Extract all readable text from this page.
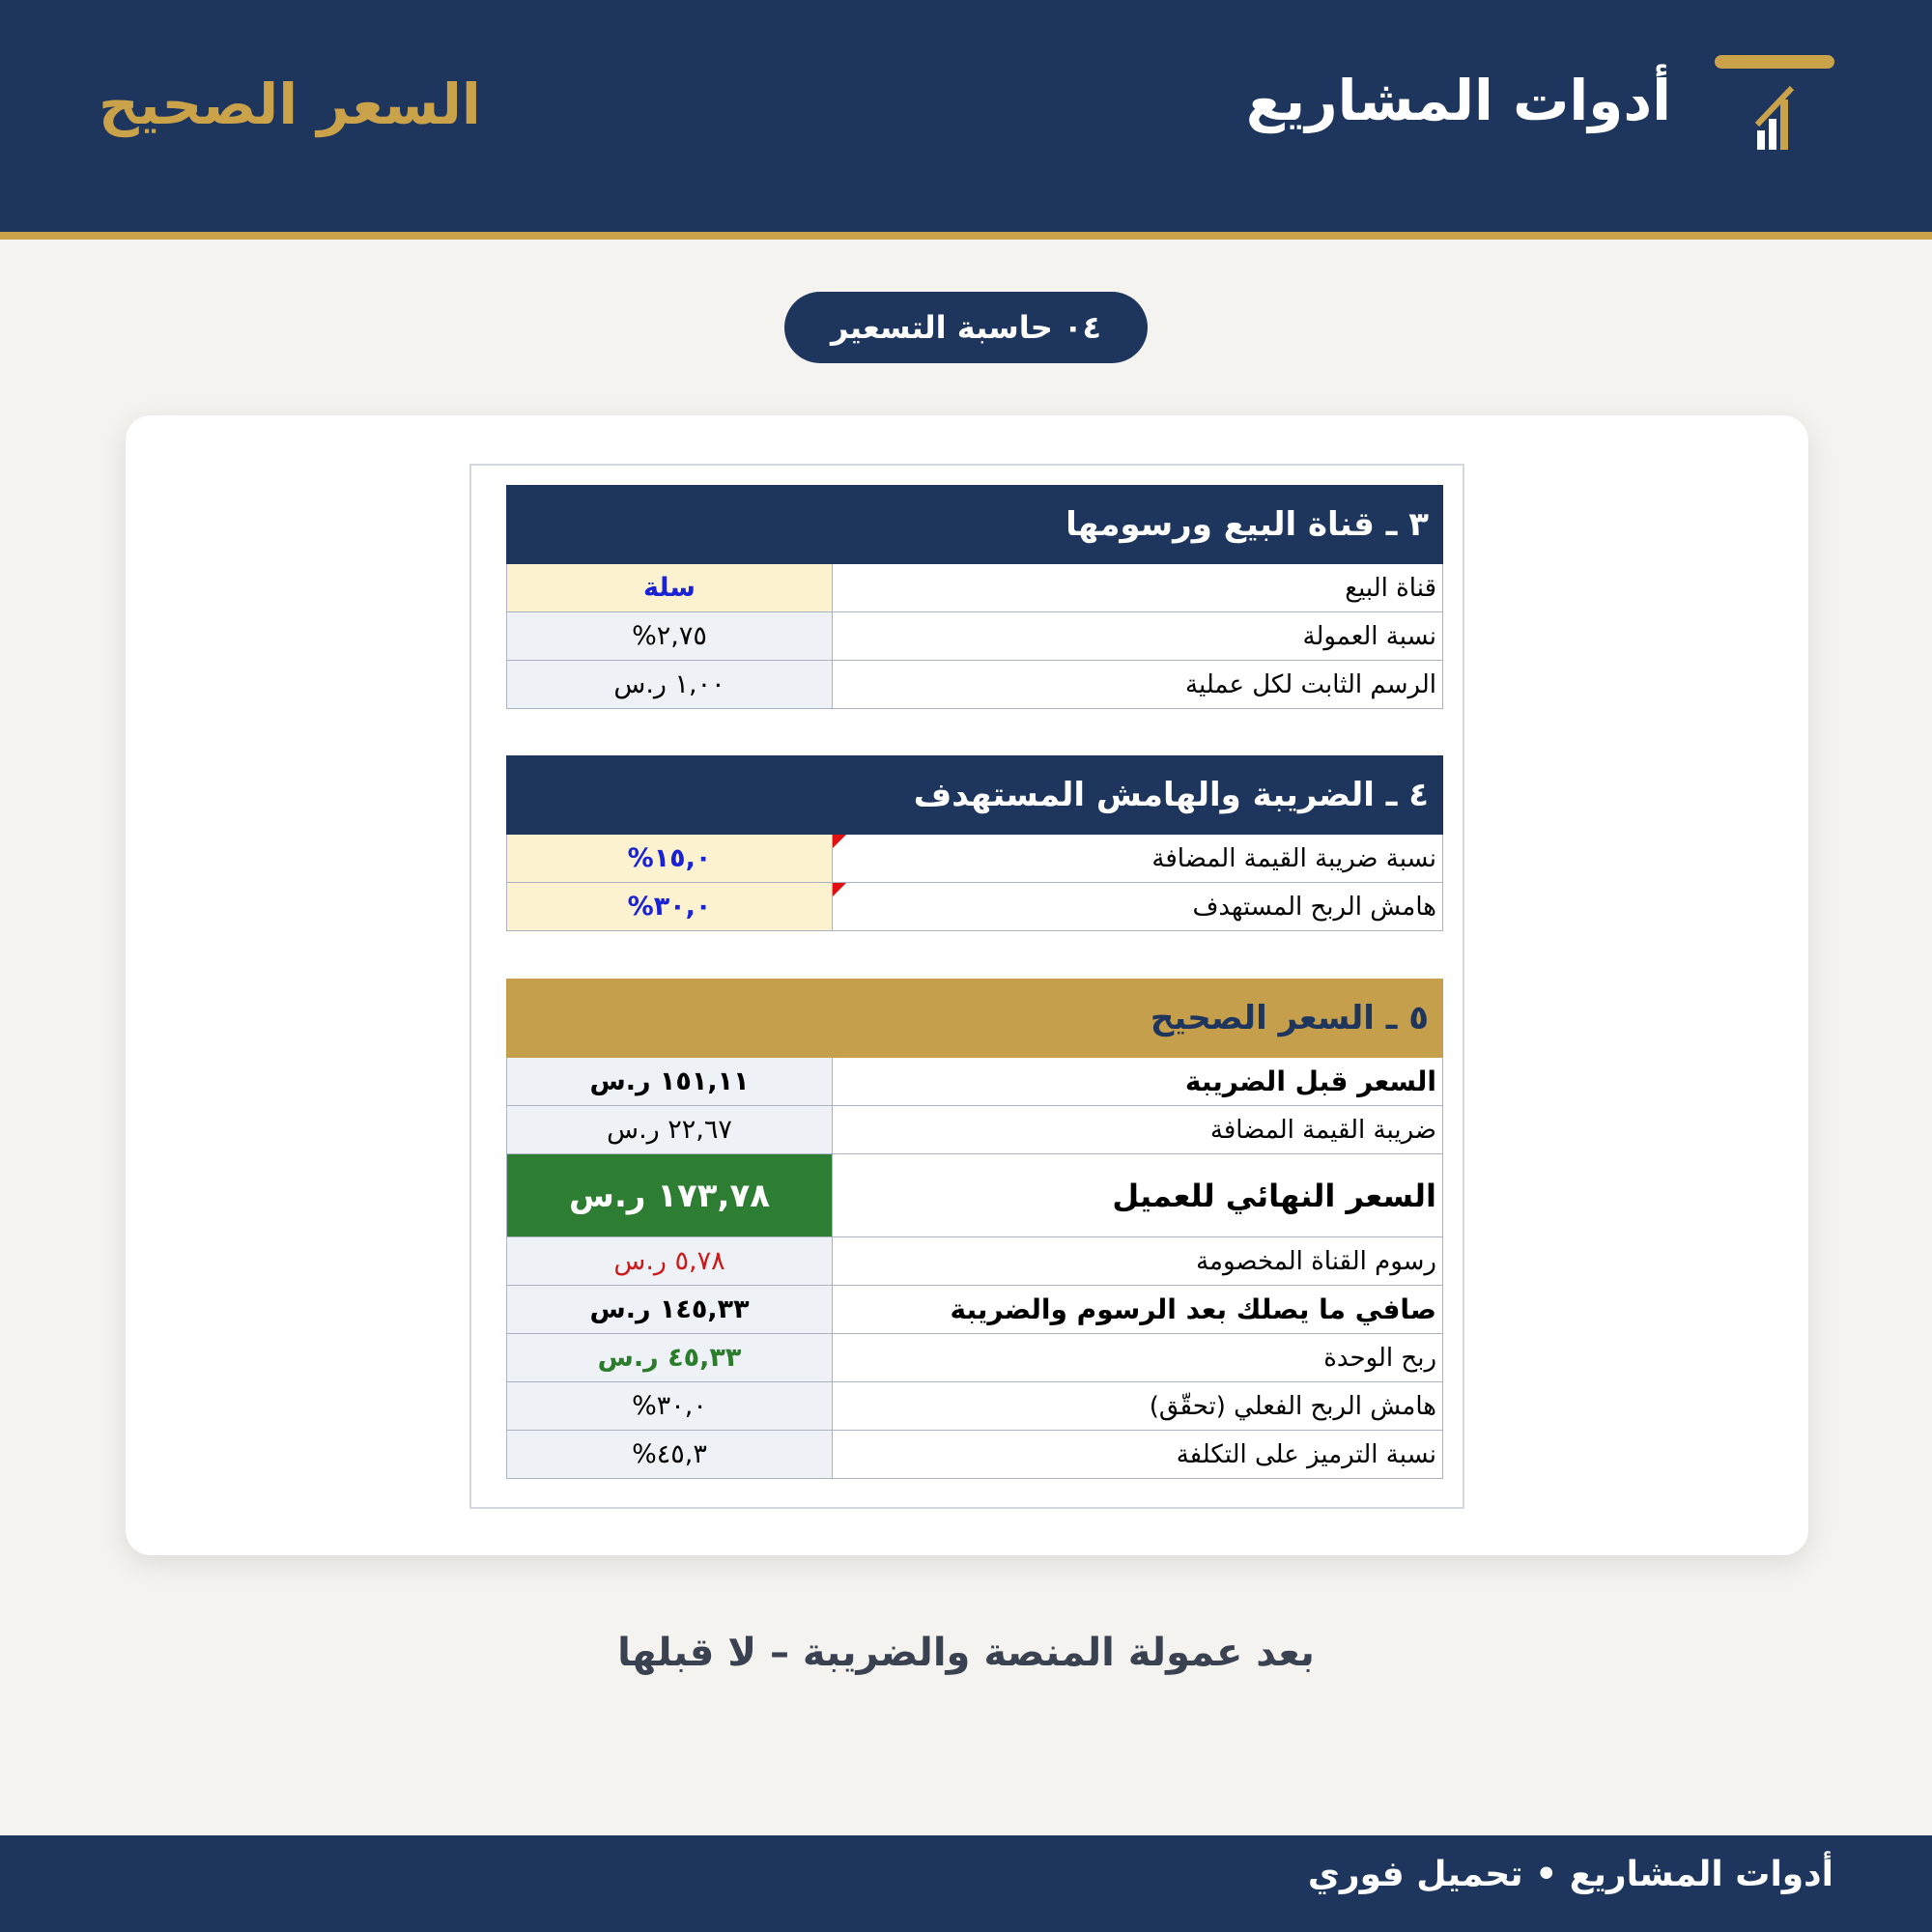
أدوات المشاريع
السعر الصحيح
٠٤ حاسبة التسعير
٣ ـ قناة البيع ورسومها
قناة البيع
سلة
نسبة العمولة
٢,٧٥%
الرسم الثابت لكل عملية
١,٠٠ ر.س
٤ ـ الضريبة والهامش المستهدف
نسبة ضريبة القيمة المضافة
١٥,٠%
هامش الربح المستهدف
٣٠,٠%
٥ ـ السعر الصحيح
السعر قبل الضريبة
١٥١,١١ ر.س
ضريبة القيمة المضافة
٢٢,٦٧ ر.س
السعر النهائي للعميل
١٧٣,٧٨ ر.س
رسوم القناة المخصومة
٥,٧٨ ر.س
صافي ما يصلك بعد الرسوم والضريبة
١٤٥,٣٣ ر.س
ربح الوحدة
٤٥,٣٣ ر.س
هامش الربح الفعلي (تحقّق)
٣٠,٠%
نسبة الترميز على التكلفة
٤٥,٣%
بعد عمولة المنصة والضريبة – لا قبلها
أدوات المشاريع • تحميل فوري
